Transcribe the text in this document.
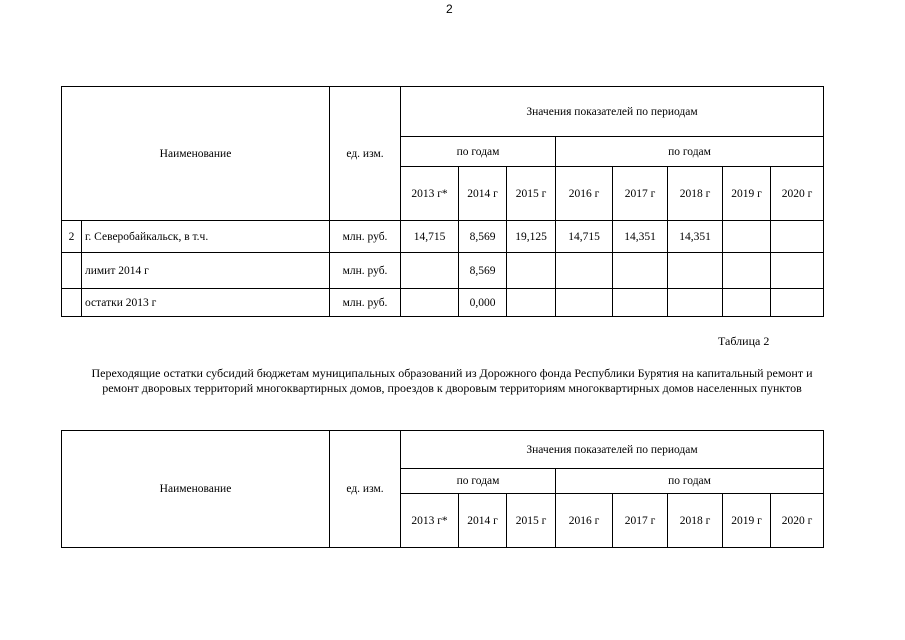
2
Наименование		ед. изм.	Значения показателей по периодам							
			по годам			по годам				
			2013 г*	2014 г	2015 г	2016 г	2017 г	2018 г	2019 г	2020 г
2	г. Северобайкальск, в т.ч.	млн. руб.	14,715	8,569	19,125	14,715	14,351	14,351		
	лимит 2014 г	млн. руб.		8,569						
	остатки 2013 г	млн. руб.		0,000						
Таблица 2
Переходящие остатки субсидий бюджетам муниципальных образований из Дорожного фонда Республики Бурятия на капитальный ремонт и ремонт дворовых территорий многоквартирных домов, проездов к дворовым территориям многоквартирных домов населенных пунктов
Наименование	ед. изм.	Значения показателей по периодам							
		по годам			по годам				
		2013 г*	2014 г	2015 г	2016 г	2017 г	2018 г	2019 г	2020 г
